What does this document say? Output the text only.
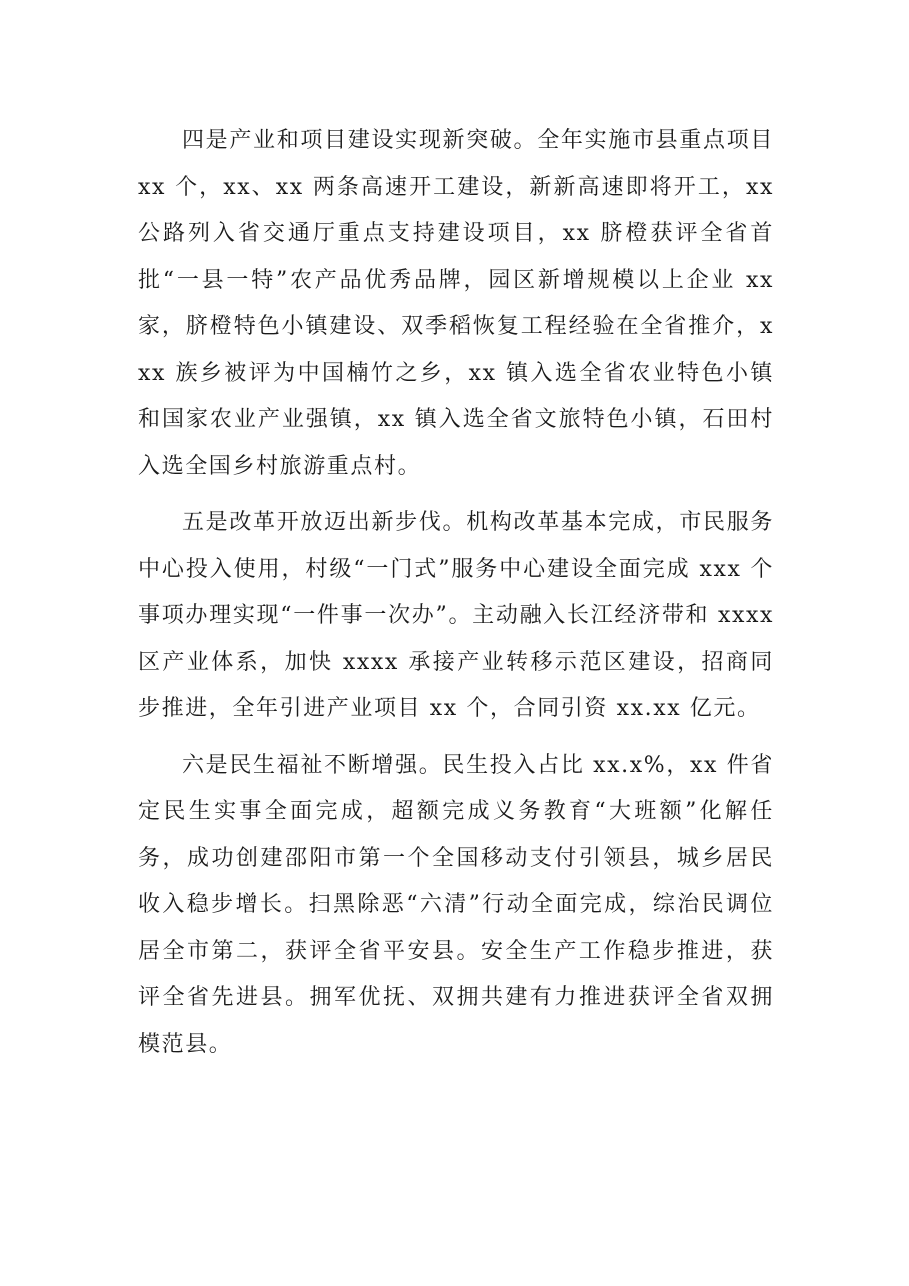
四是产业和项目建设实现新突破。全年实施市县重点项目 xx 个，xx、xx 两条高速开工建设，新新高速即将开工，xx 公路列入省交通厅重点支持建设项目，xx 脐橙获评全省首批“一县一特”农产品优秀品牌，园区新增规模以上企业 xx 家，脐橙特色小镇建设、双季稻恢复工程经验在全省推介，xxx 族乡被评为中国楠竹之乡，xx 镇入选全省农业特色小镇和国家农业产业强镇，xx 镇入选全省文旅特色小镇，石田村入选全国乡村旅游重点村。

五是改革开放迈出新步伐。机构改革基本完成，市民服务中心投入使用，村级“一门式”服务中心建设全面完成 xxx 个事项办理实现“一件事一次办”。主动融入长江经济带和 xxxx 区产业体系，加快 xxxx 承接产业转移示范区建设，招商同步推进，全年引进产业项目 xx 个，合同引资 xx.xx 亿元。

六是民生福祉不断增强。民生投入占比 xx.x%，xx 件省定民生实事全面完成，超额完成义务教育“大班额”化解任务，成功创建邵阳市第一个全国移动支付引领县，城乡居民收入稳步增长。扫黑除恶“六清”行动全面完成，综治民调位居全市第二，获评全省平安县。安全生产工作稳步推进，获评全省先进县。拥军优抚、双拥共建有力推进获评全省双拥模范县。
